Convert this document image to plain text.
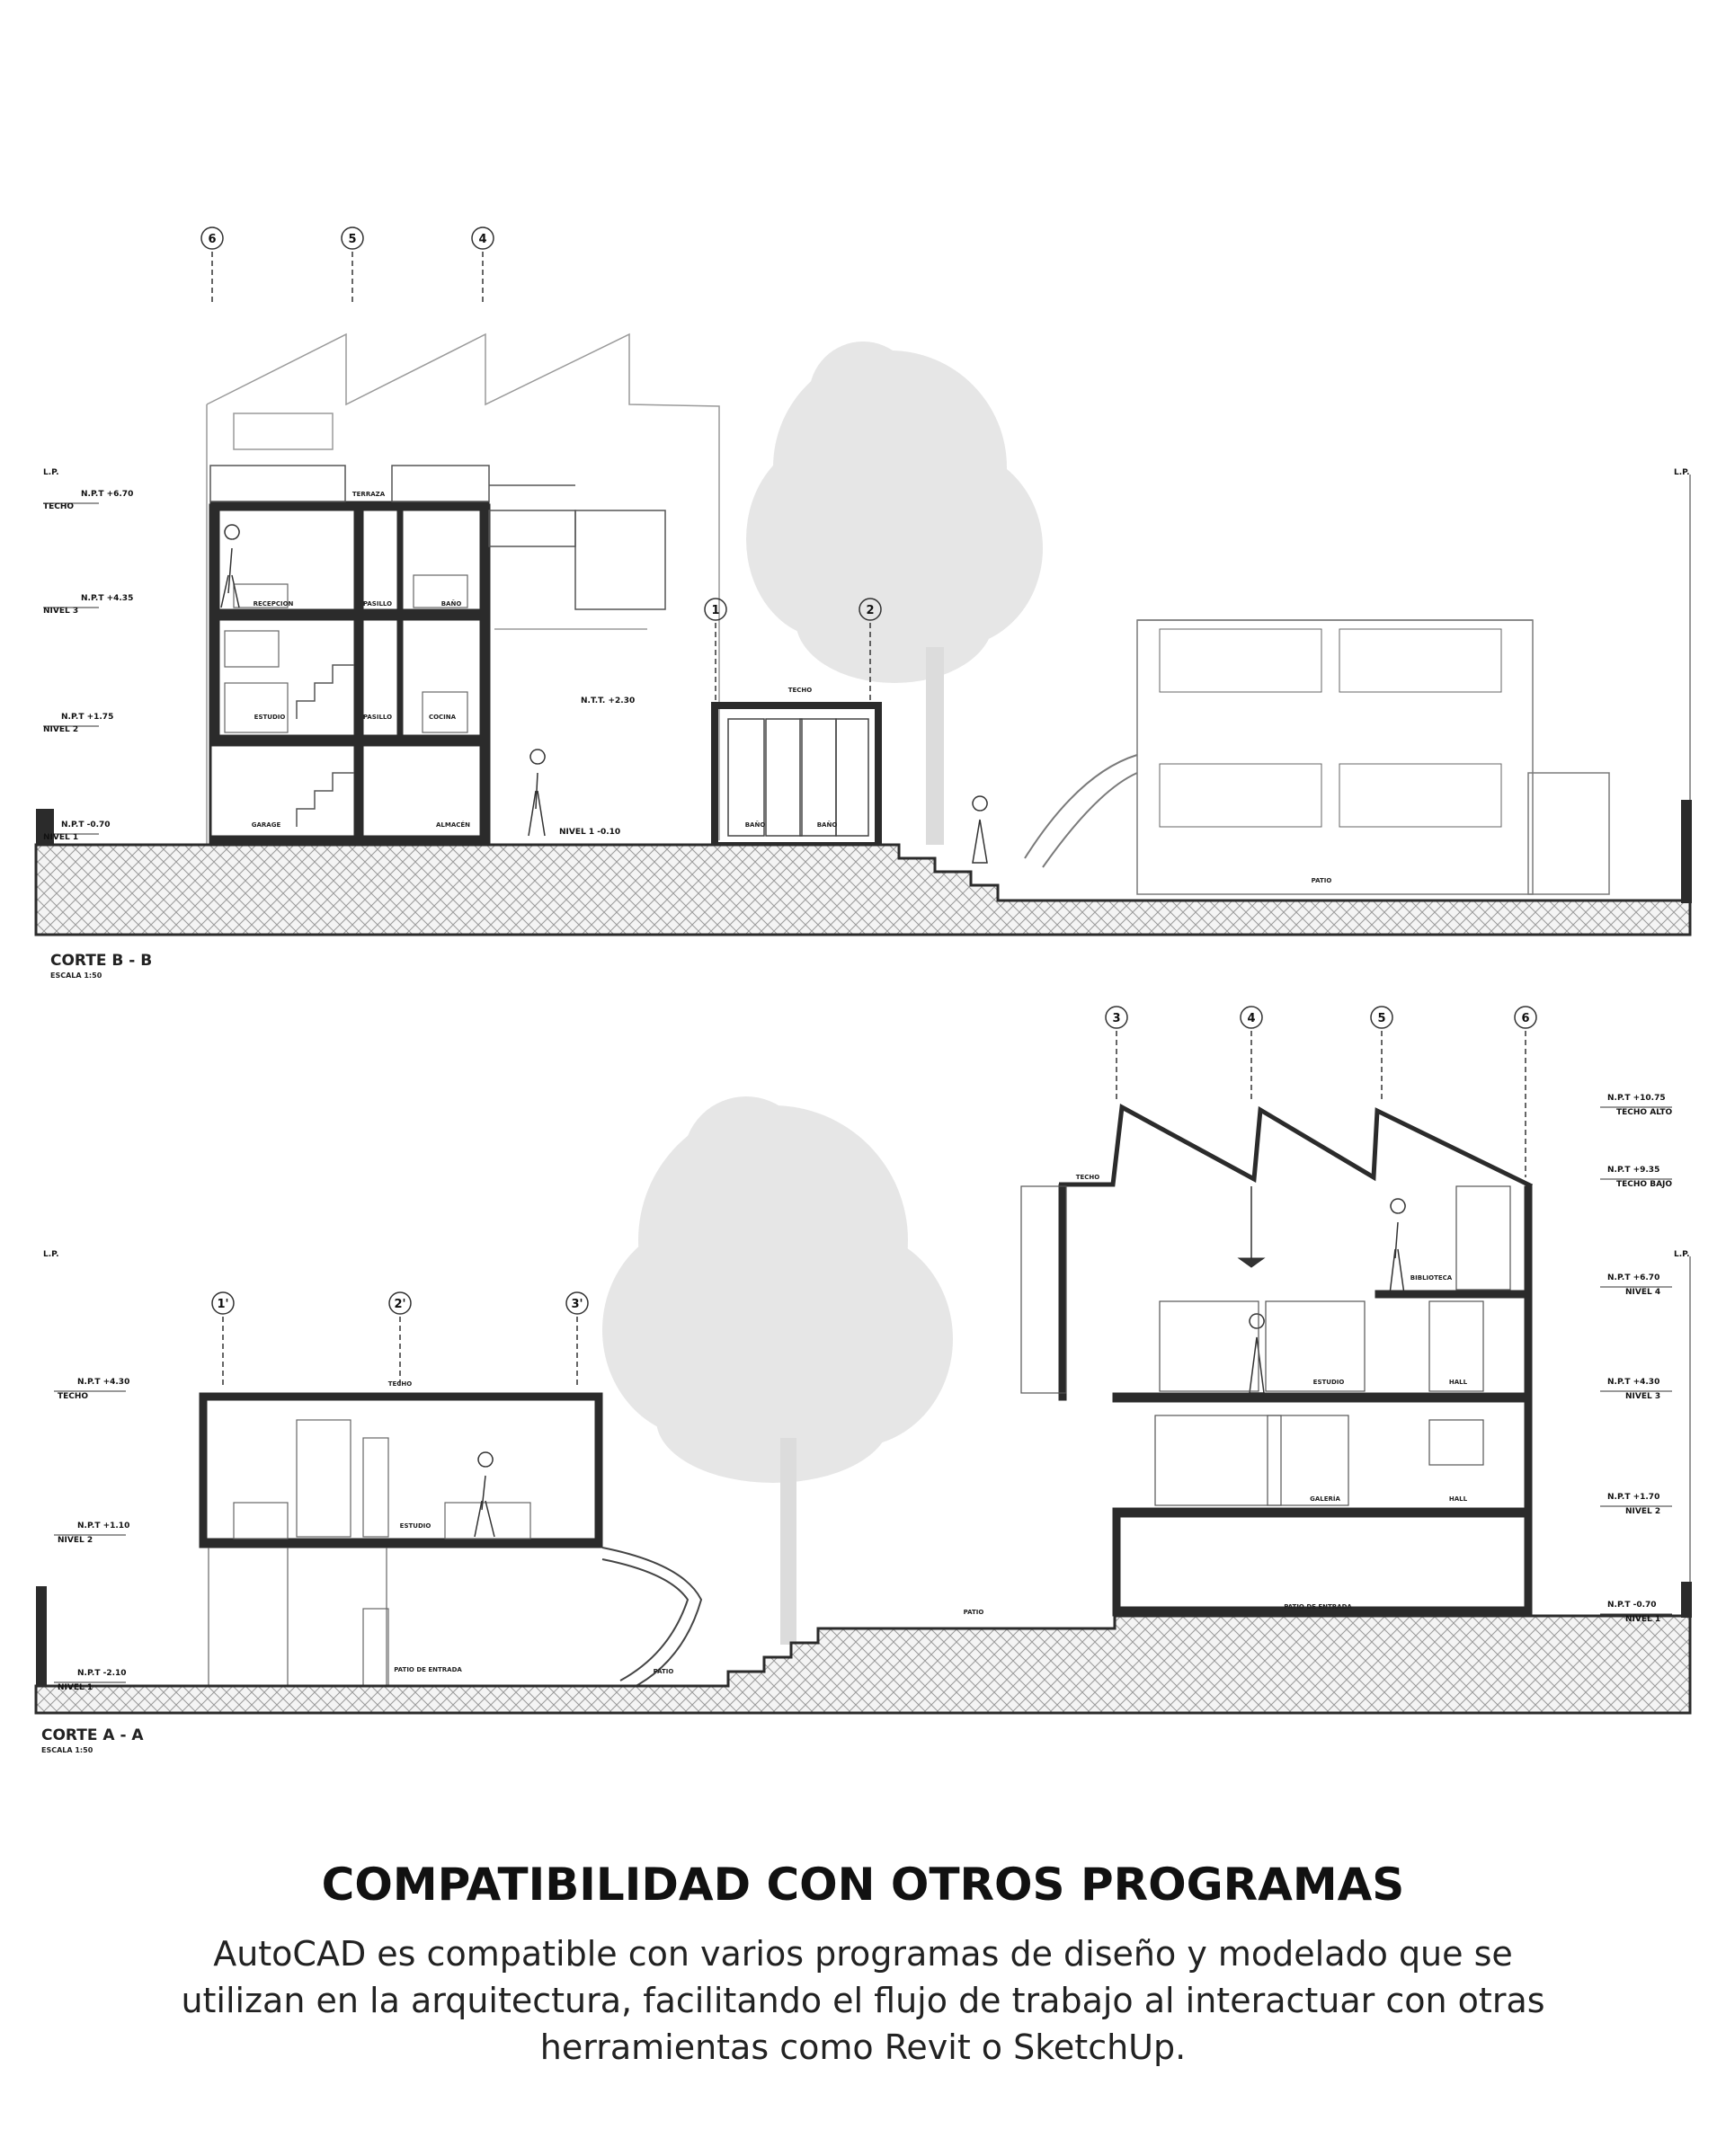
6	5	4
1	2
L.P.	L.P.
N.P.T +6.70
TECHO
N.P.T +4.35
NIVEL 3
N.P.T +1.75
NIVEL 2
N.P.T -0.70
NIVEL 1
N.T.T. +2.30
NIVEL 1 -0.10
TERRAZA
RECEPCION	PASILLO	BAÑO
ESTUDIO	PASILLO	COCINA
GARAGE	ALMACÉN
TECHO
BAÑO	BAÑO
PATIO
CORTE B - B
ESCALA 1:50
1'	2'	3'
3	4	5	6
L.P.	L.P.
N.P.T +4.30
TECHO
N.P.T +1.10
NIVEL 2
N.P.T -2.10
NIVEL 1
N.P.T +10.75
TECHO ALTO
N.P.T +9.35
TECHO BAJO
N.P.T +6.70
NIVEL 4
N.P.T +4.30
NIVEL 3
N.P.T +1.70
NIVEL 2
N.P.T -0.70
NIVEL 1
TECHO
ESTUDIO
PATIO DE ENTRADA	PATIO
PATIO
PATIO DE ENTRADA
TECHO
BIBLIOTECA
ESTUDIO	HALL
GALERÍA	HALL
CORTE A - A
ESCALA 1:50
COMPATIBILIDAD CON OTROS PROGRAMAS
AutoCAD es compatible con varios programas de diseño y modelado que se
utilizan en la arquitectura, facilitando el flujo de trabajo al interactuar con otras
herramientas como Revit o SketchUp.
